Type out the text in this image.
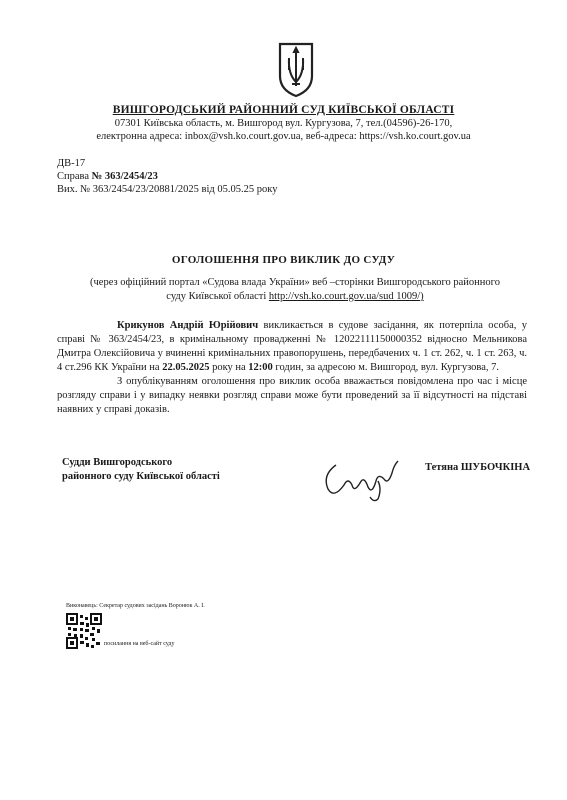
ВИШГОРОДСЬКИЙ РАЙОННИЙ СУД КИЇВСЬКОЇ ОБЛАСТІ
07301 Київська область, м. Вишгород вул. Кургузова, 7, тел.(04596)-26-170,
електронна адреса: inbox@vsh.ko.court.gov.ua, веб-адреса: https://vsh.ko.court.gov.ua
ДВ-17
Справа № 363/2454/23
Вих. № 363/2454/23/20881/2025 від 05.05.25 року
ОГОЛОШЕННЯ ПРО ВИКЛИК ДО СУДУ
(через офіційний портал «Судова влада України» веб –сторінки Вишгородського районного
суду Київської області http://vsh.ko.court.gov.ua/sud 1009/)

Крикунов Андрій Юрійович викликається в судове засідання, як потерпіла особа, у справі № 363/2454/23, в кримінальному провадженні № 12022111150000352 відносно Мельникова Дмитра Олексійовича у вчиненні кримінальних правопорушень, передбачених ч. 1 ст. 262, ч. 1 ст. 263, ч. 4 ст.296 КК України на 22.05.2025 року на 12:00 годин, за адресою м. Вишгород, вул. Кургузова, 7.

З опублікуванням оголошення про виклик особа вважається повідомлена про час і місце розгляду справи і у випадку неявки розгляд справи може бути проведений за її відсутності на підставі наявних у справі доказів.

Судди Вишгородського
районного суду Київської області
Тетяна ШУБОЧКІНА
Виконавець: Секретар судових засідань Воронюк А. І.
посилання на веб-сайт суду
